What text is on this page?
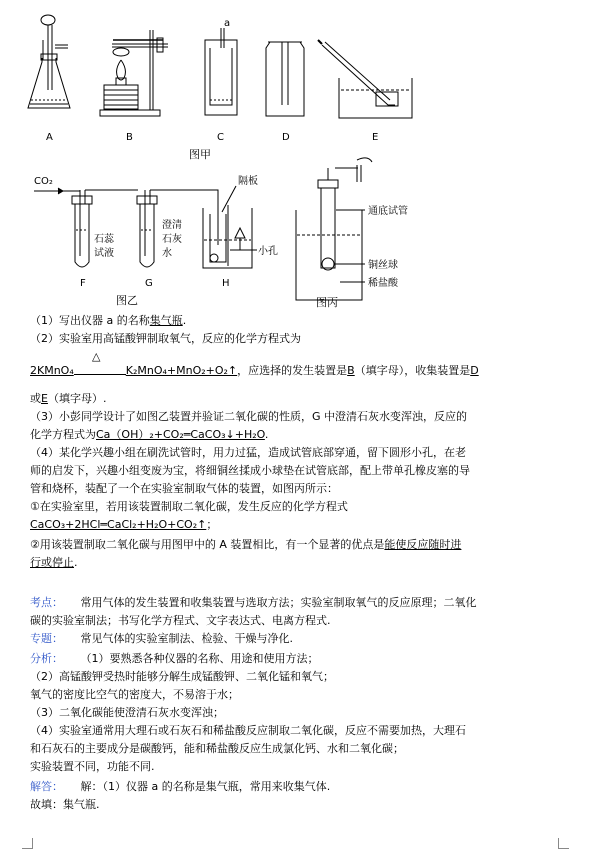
A	B	C	D	E
a
图甲
CO₂
石蕊
试液
澄清
石灰
水
隔板
小孔
F	G	H
图乙
通底试管
铜丝球
稀盐酸
图丙
（1）写出仪器 a 的名称集气瓶.
（2）实验室用高锰酸钾制取氧气，反应的化学方程式为
△
2KMnO₄	K₂MnO₄+MnO₂+O₂↑，应选择的发生装置是B（填字母），收集装置是D
或E（填字母）.
（3）小彭同学设计了如图乙装置并验证二氧化碳的性质，G 中澄清石灰水变浑浊，反应的
化学方程式为Ca（OH）₂+CO₂═CaCO₃↓+H₂O.
（4）某化学兴趣小组在刷洗试管时，用力过猛，造成试管底部穿通，留下圆形小孔，在老
师的启发下，兴趣小组变废为宝，将细铜丝揉成小球垫在试管底部，配上带单孔橡皮塞的导
管和烧杯，装配了一个在实验室制取气体的装置，如图丙所示：
①在实验室里，若用该装置制取二氧化碳，发生反应的化学方程式
CaCO₃+2HCl═CaCl₂+H₂O+CO₂↑；
②用该装置制取二氧化碳与用图甲中的 A 装置相比，有一个显著的优点是能使反应随时进
行或停止.
考点： 常用气体的发生装置和收集装置与选取方法；实验室制取氧气的反应原理；二氧化
碳的实验室制法；书写化学方程式、文字表达式、电离方程式.
专题： 常见气体的实验室制法、检验、干燥与净化.
分析： （1）要熟悉各种仪器的名称、用途和使用方法；
（2）高锰酸钾受热时能够分解生成锰酸钾、二氧化锰和氧气；
氧气的密度比空气的密度大，不易溶于水；
（3）二氧化碳能使澄清石灰水变浑浊；
（4）实验室通常用大理石或石灰石和稀盐酸反应制取二氧化碳，反应不需要加热，大理石
和石灰石的主要成分是碳酸钙，能和稀盐酸反应生成氯化钙、水和二氧化碳；
实验装置不同，功能不同.
解答： 解：（1）仪器 a 的名称是集气瓶，常用来收集气体.
故填：集气瓶.
